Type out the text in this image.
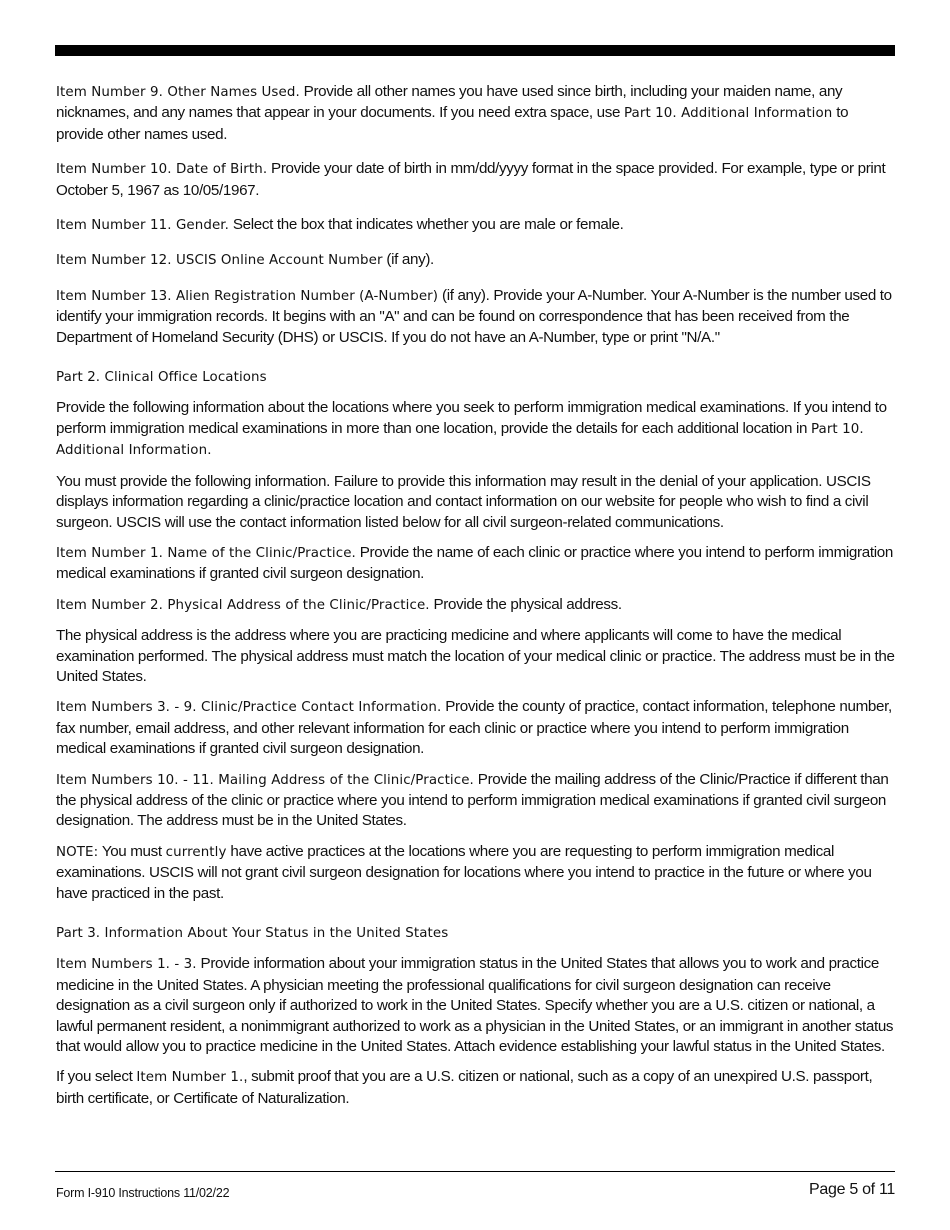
Item Number 9. Other Names Used. Provide all other names you have used since birth, including your maiden name, any nicknames, and any names that appear in your documents. If you need extra space, use Part 10. Additional Information to provide other names used.

Item Number 10. Date of Birth. Provide your date of birth in mm/dd/yyyy format in the space provided. For example, type or print October 5, 1967 as 10/05/1967.

Item Number 11. Gender. Select the box that indicates whether you are male or female.

Item Number 12. USCIS Online Account Number (if any).

Item Number 13. Alien Registration Number (A-Number) (if any). Provide your A-Number. Your A-Number is the number used to identify your immigration records. It begins with an "A" and can be found on correspondence that has been received from the Department of Homeland Security (DHS) or USCIS. If you do not have an A-Number, type or print "N/A."

Part 2. Clinical Office Locations

Provide the following information about the locations where you seek to perform immigration medical examinations. If you intend to perform immigration medical examinations in more than one location, provide the details for each additional location in Part 10. Additional Information.

You must provide the following information. Failure to provide this information may result in the denial of your application. USCIS displays information regarding a clinic/practice location and contact information on our website for people who wish to find a civil surgeon. USCIS will use the contact information listed below for all civil surgeon-related communications.

Item Number 1. Name of the Clinic/Practice. Provide the name of each clinic or practice where you intend to perform immigration medical examinations if granted civil surgeon designation.

Item Number 2. Physical Address of the Clinic/Practice. Provide the physical address.

The physical address is the address where you are practicing medicine and where applicants will come to have the medical examination performed. The physical address must match the location of your medical clinic or practice. The address must be in the United States.

Item Numbers 3. - 9. Clinic/Practice Contact Information. Provide the county of practice, contact information, telephone number, fax number, email address, and other relevant information for each clinic or practice where you intend to perform immigration medical examinations if granted civil surgeon designation.

Item Numbers 10. - 11. Mailing Address of the Clinic/Practice. Provide the mailing address of the Clinic/Practice if different than the physical address of the clinic or practice where you intend to perform immigration medical examinations if granted civil surgeon designation. The address must be in the United States.

NOTE: You must currently have active practices at the locations where you are requesting to perform immigration medical examinations. USCIS will not grant civil surgeon designation for locations where you intend to practice in the future or where you have practiced in the past.

Part 3. Information About Your Status in the United States

Item Numbers 1. - 3. Provide information about your immigration status in the United States that allows you to work and practice medicine in the United States. A physician meeting the professional qualifications for civil surgeon designation can receive designation as a civil surgeon only if authorized to work in the United States. Specify whether you are a U.S. citizen or national, a lawful permanent resident, a nonimmigrant authorized to work as a physician in the United States, or an immigrant in another status that would allow you to practice medicine in the United States. Attach evidence establishing your lawful status in the United States.

If you select Item Number 1., submit proof that you are a U.S. citizen or national, such as a copy of an unexpired U.S. passport, birth certificate, or Certificate of Naturalization.

Form I-910 Instructions 11/02/22	Page 5 of 11
